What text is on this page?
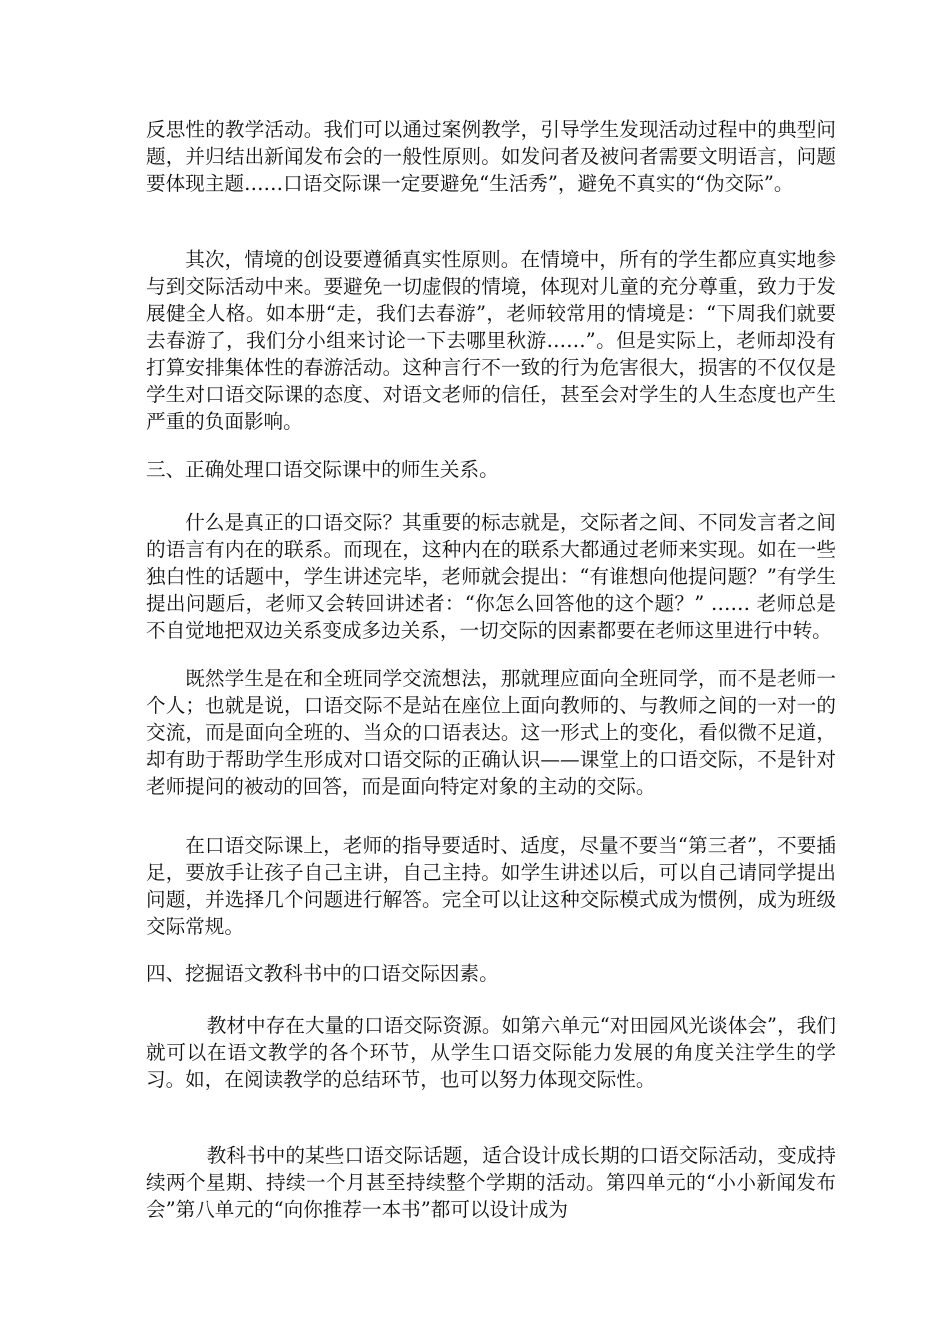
反思性的教学活动。我们可以通过案例教学，引导学生发现活动过程中的典型问题，并归结出新闻发布会的一般性原则。如发问者及被问者需要文明语言，问题要体现主题……口语交际课一定要避免“生活秀”，避免不真实的“伪交际”。

其次，情境的创设要遵循真实性原则。在情境中，所有的学生都应真实地参与到交际活动中来。要避免一切虚假的情境，体现对儿童的充分尊重，致力于发展健全人格。如本册“走，我们去春游”，老师较常用的情境是：“下周我们就要去春游了，我们分小组来讨论一下去哪里秋游……”。但是实际上，老师却没有打算安排集体性的春游活动。这种言行不一致的行为危害很大，损害的不仅仅是学生对口语交际课的态度、对语文老师的信任，甚至会对学生的人生态度也产生严重的负面影响。

三、正确处理口语交际课中的师生关系。

什么是真正的口语交际？其重要的标志就是，交际者之间、不同发言者之间的语言有内在的联系。而现在，这种内在的联系大都通过老师来实现。如在一些独白性的话题中，学生讲述完毕，老师就会提出：“有谁想向他提问题？”有学生提出问题后，老师又会转回讲述者：“你怎么回答他的这个题？” …… 老师总是不自觉地把双边关系变成多边关系，一切交际的因素都要在老师这里进行中转。

既然学生是在和全班同学交流想法，那就理应面向全班同学，而不是老师一个人；也就是说，口语交际不是站在座位上面向教师的、与教师之间的一对一的交流，而是面向全班的、当众的口语表达。这一形式上的变化，看似微不足道，却有助于帮助学生形成对口语交际的正确认识——课堂上的口语交际，不是针对老师提问的被动的回答，而是面向特定对象的主动的交际。

在口语交际课上，老师的指导要适时、适度，尽量不要当“第三者”，不要插足，要放手让孩子自己主讲，自己主持。如学生讲述以后，可以自己请同学提出问题，并选择几个问题进行解答。完全可以让这种交际模式成为惯例，成为班级交际常规。

四、挖掘语文教科书中的口语交际因素。

教材中存在大量的口语交际资源。如第六单元“对田园风光谈体会”，我们就可以在语文教学的各个环节，从学生口语交际能力发展的角度关注学生的学习。如，在阅读教学的总结环节，也可以努力体现交际性。

教科书中的某些口语交际话题，适合设计成长期的口语交际活动，变成持续两个星期、持续一个月甚至持续整个学期的活动。第四单元的“小小新闻发布会”第八单元的“向你推荐一本书”都可以设计成为
